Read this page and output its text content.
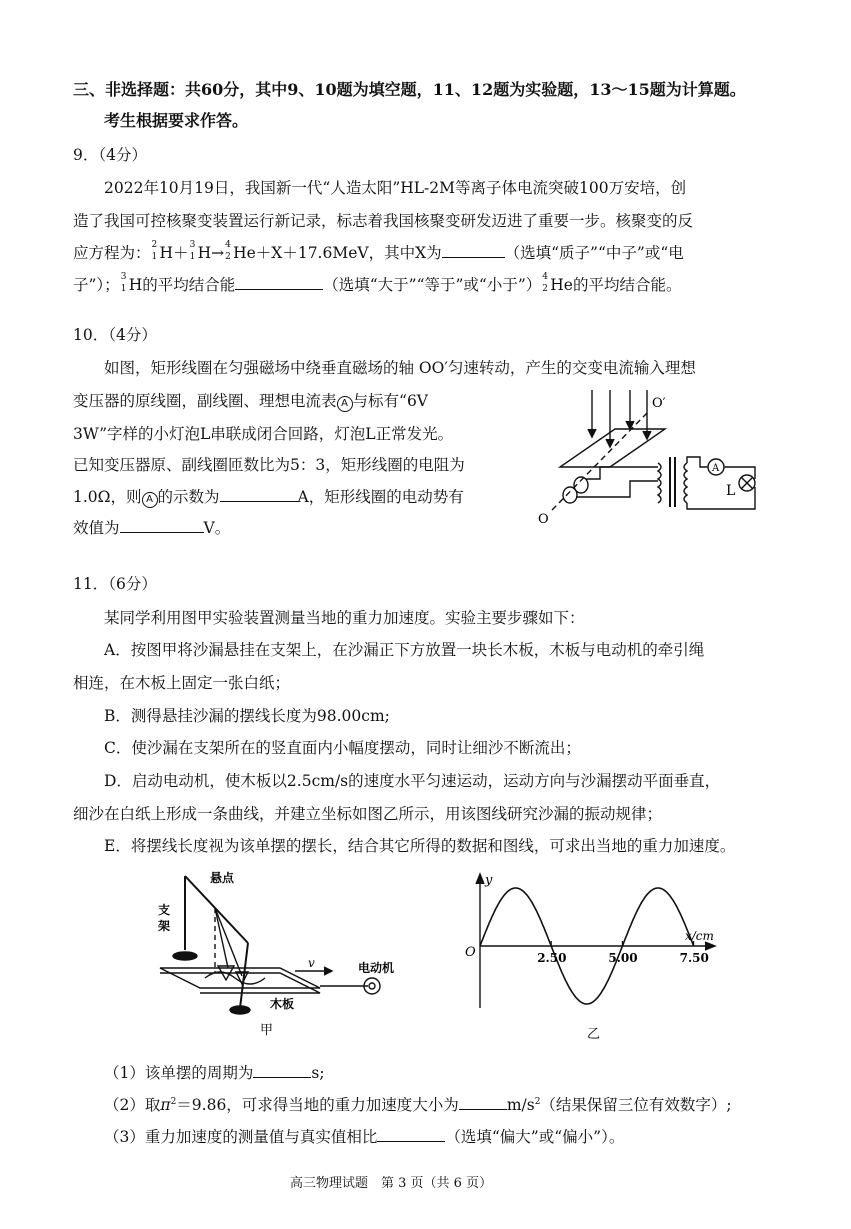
三、非选择题：共60分，其中9、10题为填空题，11、12题为实验题，13～15题为计算题。
考生根据要求作答。
9．（4分）
2022年10月19日，我国新一代“人造太阳”HL-2M等离子体电流突破100万安培，创
造了我国可控核聚变装置运行新记录，标志着我国核聚变研发迈进了重要一步。核聚变的反
应方程为： 2
1 H＋ 3
1 H→ 4
2 He＋X＋17.6MeV，其中X为	（选填“质子”“中子”或“电
子”）； 3
1 H的平均结合能	（选填“大于”“等于”或“小于”） 4
2 He的平均结合能。
10．（4分）
如图，矩形线圈在匀强磁场中绕垂直磁场的轴 OO′匀速转动，产生的交变电流输入理想
变压器的原线圈，副线圈、理想电流表 A 与标有“6V
3W”字样的小灯泡L串联成闭合回路，灯泡L正常发光。
已知变压器原、副线圈匝数比为5：3，矩形线圈的电阻为
1.0Ω，则 A 的示数为	A，矩形线圈的电动势有
效值为	V。
O′
O
A
L
11．（6分）
某同学利用图甲实验装置测量当地的重力加速度。实验主要步骤如下：
A．按图甲将沙漏悬挂在支架上，在沙漏正下方放置一块长木板，木板与电动机的牵引绳
相连，在木板上固定一张白纸；
B．测得悬挂沙漏的摆线长度为98.00cm;
C．使沙漏在支架所在的竖直面内小幅度摆动，同时让细沙不断流出；
D．启动电动机，使木板以2.5cm/s的速度水平匀速运动，运动方向与沙漏摆动平面垂直，
细沙在白纸上形成一条曲线，并建立坐标如图乙所示，用该图线研究沙漏的振动规律；
E．将摆线长度视为该单摆的摆长，结合其它所得的数据和图线，可求出当地的重力加速度。
悬点
支
架
v	电动机
木板
甲
2.50	5.00	7.50
y
x/cm
O
乙
（1）该单摆的周期为	s;
（2）取$\pi^2=9.86$，可求得当地的重力加速度大小为	$m/s^2$（结果保留三位有效数字）;
（3）重力加速度的测量值与真实值相比	（选填“偏大”或“偏小”）。
高三物理试题　第 3 页（共 6 页）
